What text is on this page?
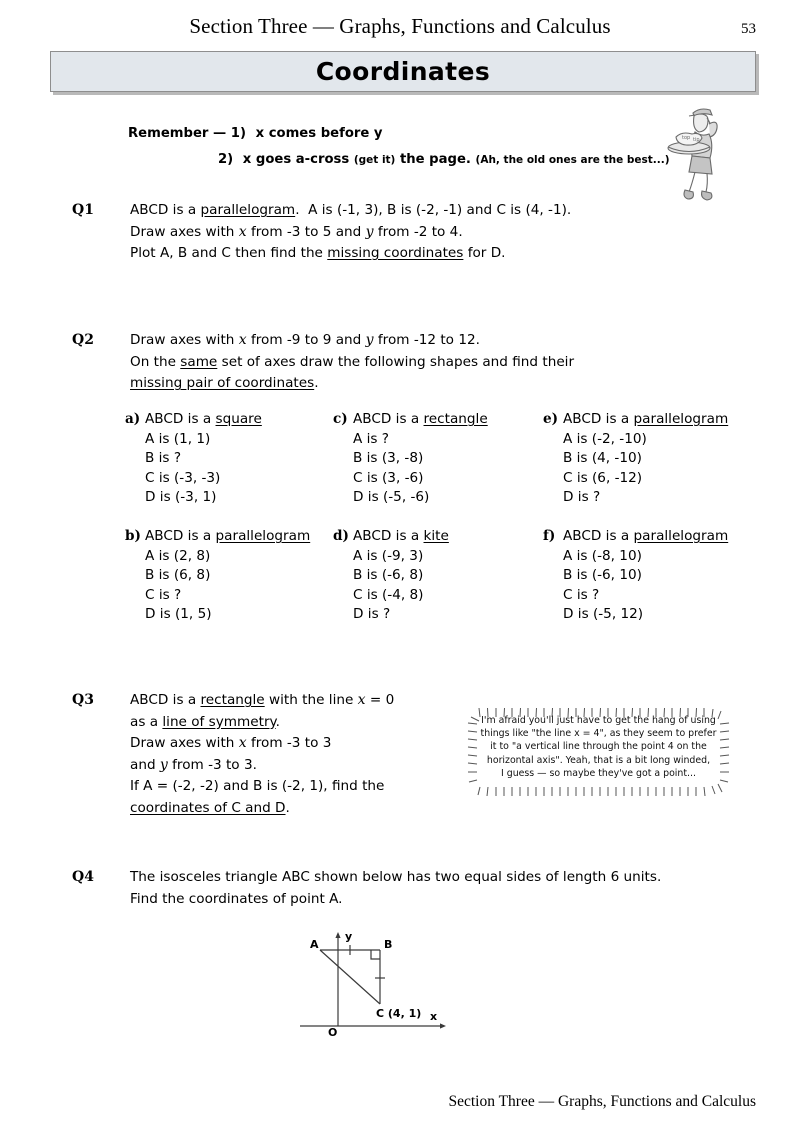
Section Three — Graphs, Functions and Calculus	53
Coordinates
Remember — 1) x comes before y
2) x goes a-cross (get it) the page. (Ah, the old ones are the best...)
top tip
Q1	ABCD is a parallelogram.  A is (-1, 3), B is (-2, -1) and C is (4, -1).
Draw axes with x from -3 to 5 and y from -2 to 4.
Plot A, B and C then find the missing coordinates for D.
Q2	Draw axes with x from -9 to 9 and y from -12 to 12.
On the same set of axes draw the following shapes and find their
missing pair of coordinates.
a) ABCD is a square
A is (1, 1)
B is ?
C is (-3, -3)
D is (-3, 1)
c) ABCD is a rectangle
A is ?
B is (3, -8)
C is (3, -6)
D is (-5, -6)
e) ABCD is a parallelogram
A is (-2, -10)
B is (4, -10)
C is (6, -12)
D is ?
b) ABCD is a parallelogram
A is (2, 8)
B is (6, 8)
C is ?
D is (1, 5)
d) ABCD is a kite
A is (-9, 3)
B is (-6, 8)
C is (-4, 8)
D is ?
f) ABCD is a parallelogram
A is (-8, 10)
B is (-6, 10)
C is ?
D is (-5, 12)
Q3	ABCD is a rectangle with the line x = 0
as a line of symmetry.
Draw axes with x from -3 to 3
and y from -3 to 3.
If A = (-2, -2) and B is (-2, 1), find the
coordinates of C and D.
I'm afraid you'll just have to get the hang of using
things like "the line x = 4", as they seem to prefer
it to "a vertical line through the point 4 on the
horizontal axis". Yeah, that is a bit long winded,
I guess — so maybe they've got a point...
Q4	The isosceles triangle ABC shown below has two equal sides of length 6 units.
Find the coordinates of point A.
A	B
C (4, 1)
O
y
x
Section Three — Graphs, Functions and Calculus
